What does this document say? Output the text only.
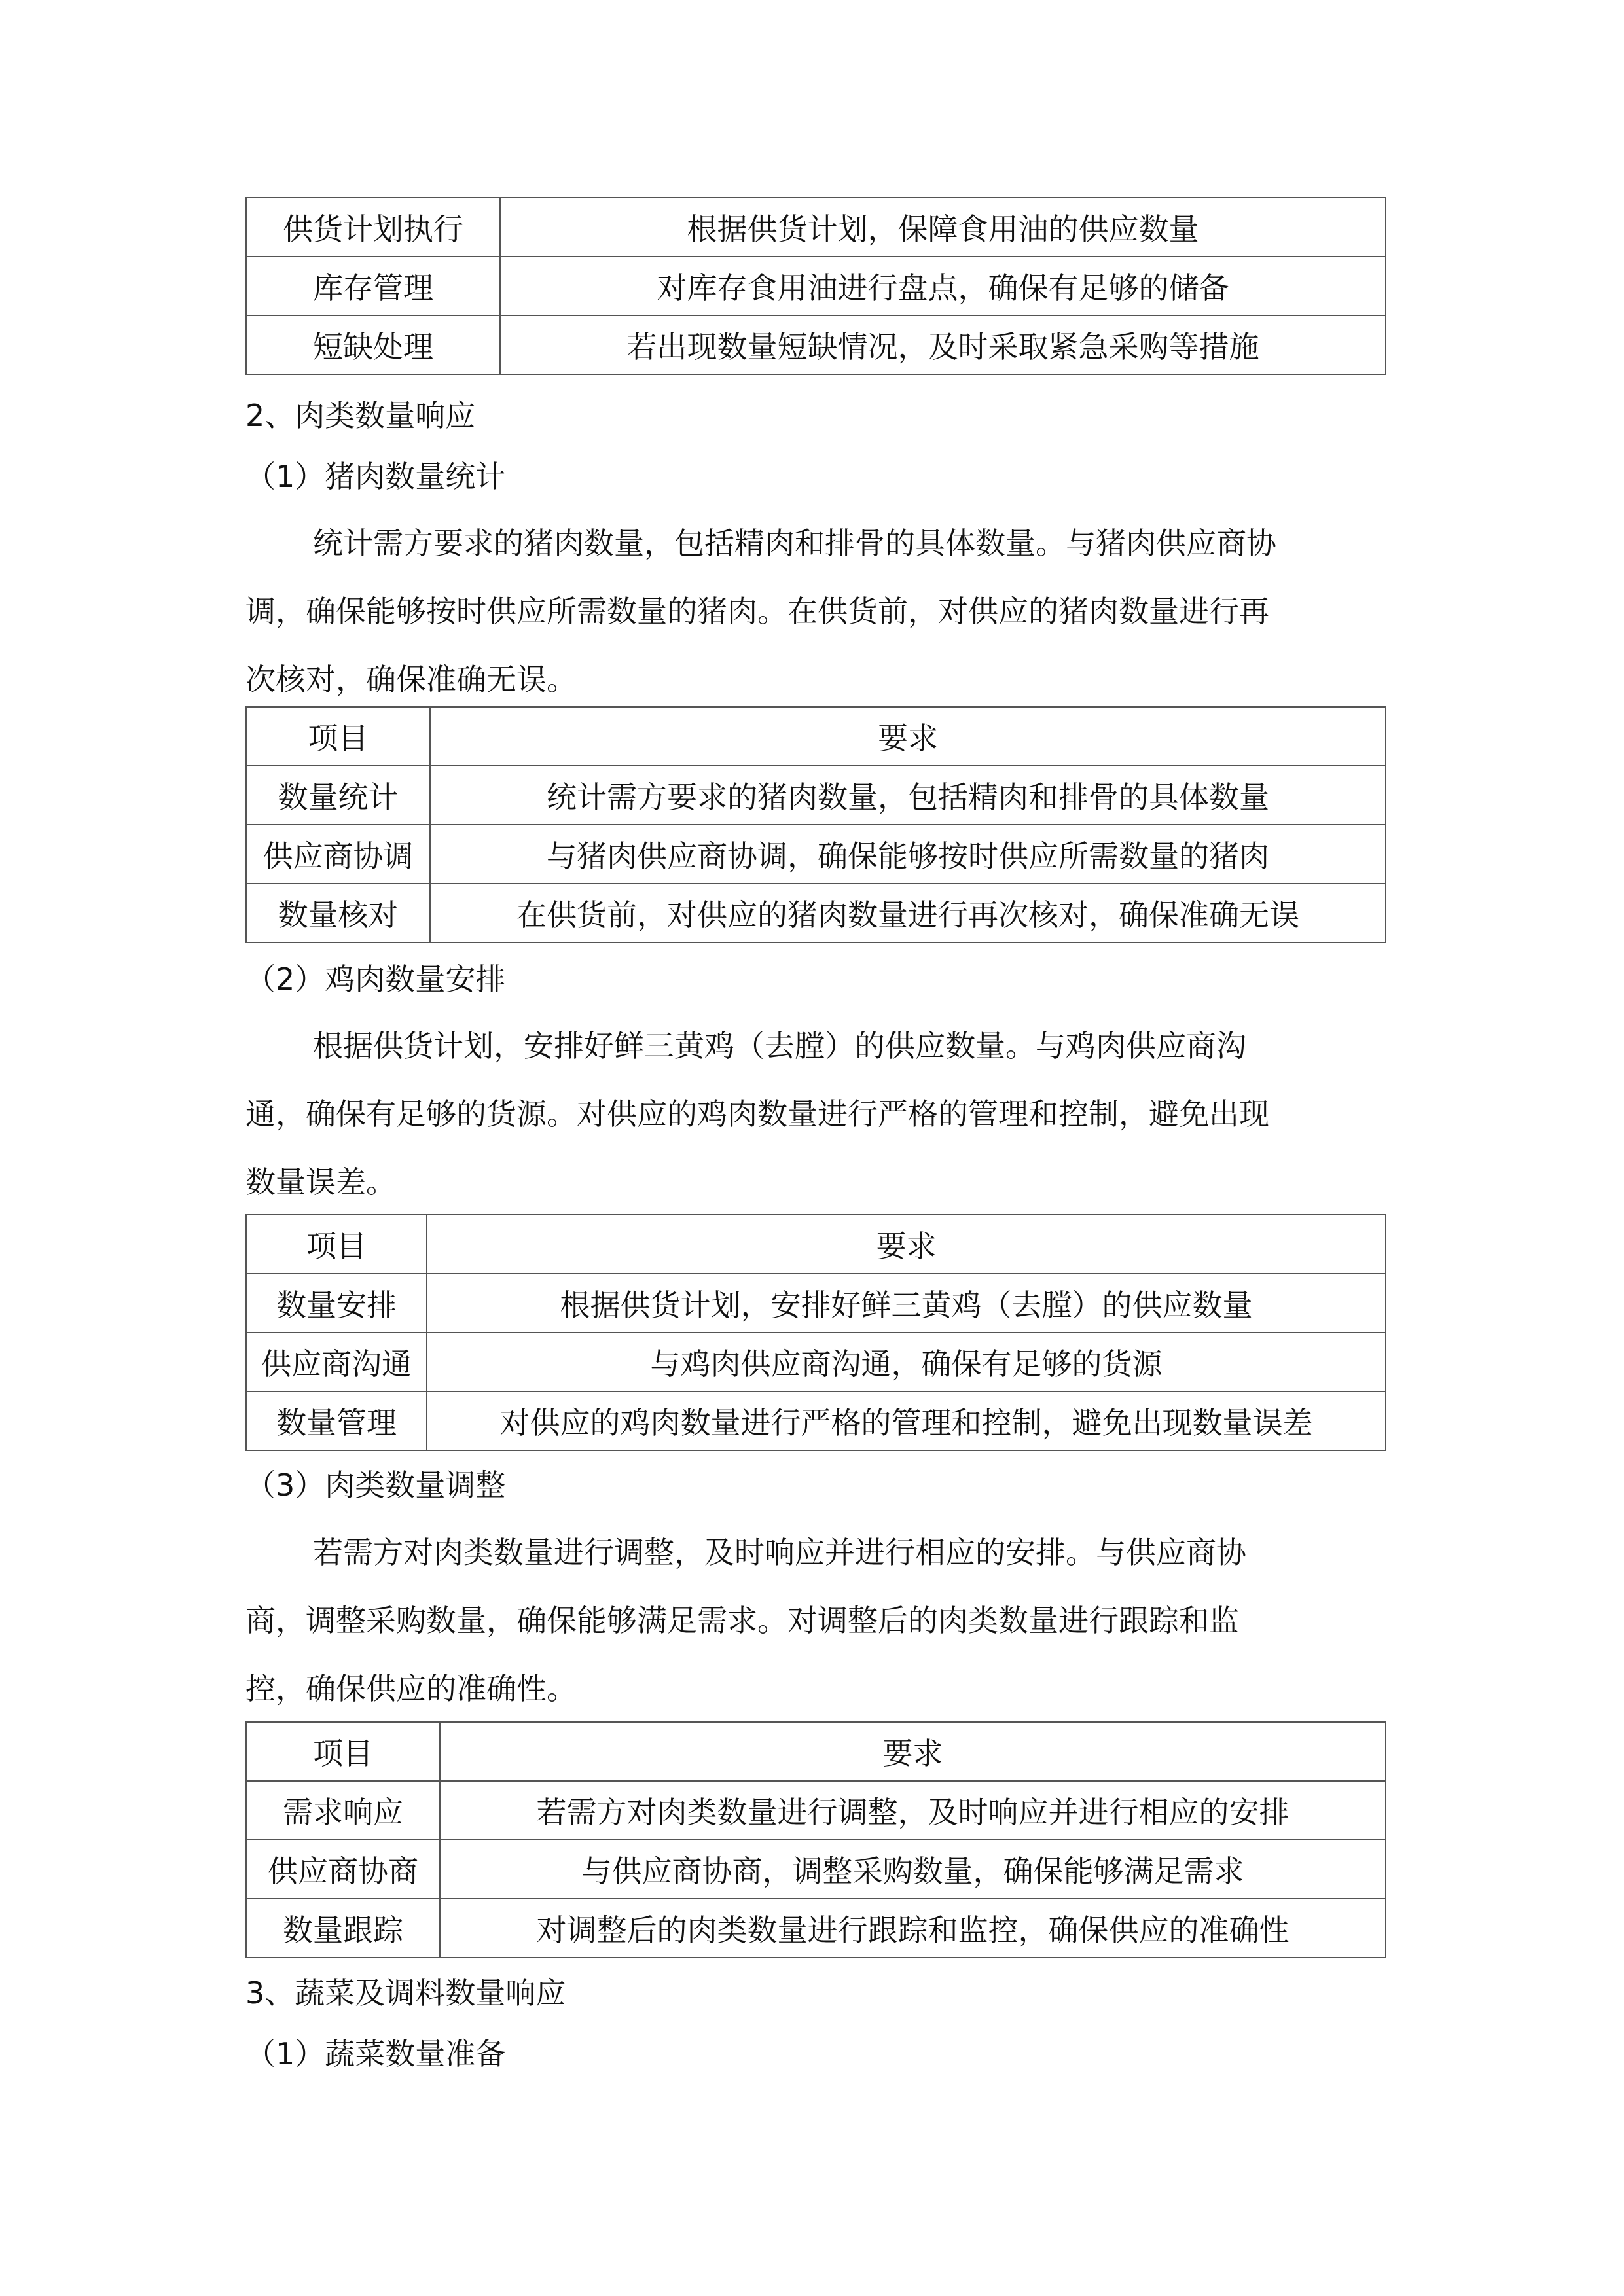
供货计划执行	根据供货计划，保障食用油的供应数量
库存管理	对库存食用油进行盘点，确保有足够的储备
短缺处理	若出现数量短缺情况，及时采取紧急采购等措施
2、肉类数量响应
（1）猪肉数量统计
统计需方要求的猪肉数量，包括精肉和排骨的具体数量。与猪肉供应商协
调，确保能够按时供应所需数量的猪肉。在供货前，对供应的猪肉数量进行再
次核对，确保准确无误。
项目	要求
数量统计	统计需方要求的猪肉数量，包括精肉和排骨的具体数量
供应商协调	与猪肉供应商协调，确保能够按时供应所需数量的猪肉
数量核对	在供货前，对供应的猪肉数量进行再次核对，确保准确无误
（2）鸡肉数量安排
根据供货计划，安排好鲜三黄鸡（去膛）的供应数量。与鸡肉供应商沟
通，确保有足够的货源。对供应的鸡肉数量进行严格的管理和控制，避免出现
数量误差。
项目	要求
数量安排	根据供货计划，安排好鲜三黄鸡（去膛）的供应数量
供应商沟通	与鸡肉供应商沟通，确保有足够的货源
数量管理	对供应的鸡肉数量进行严格的管理和控制，避免出现数量误差
（3）肉类数量调整
若需方对肉类数量进行调整，及时响应并进行相应的安排。与供应商协
商，调整采购数量，确保能够满足需求。对调整后的肉类数量进行跟踪和监
控，确保供应的准确性。
项目	要求
需求响应	若需方对肉类数量进行调整，及时响应并进行相应的安排
供应商协商	与供应商协商，调整采购数量，确保能够满足需求
数量跟踪	对调整后的肉类数量进行跟踪和监控，确保供应的准确性
3、蔬菜及调料数量响应
（1）蔬菜数量准备
